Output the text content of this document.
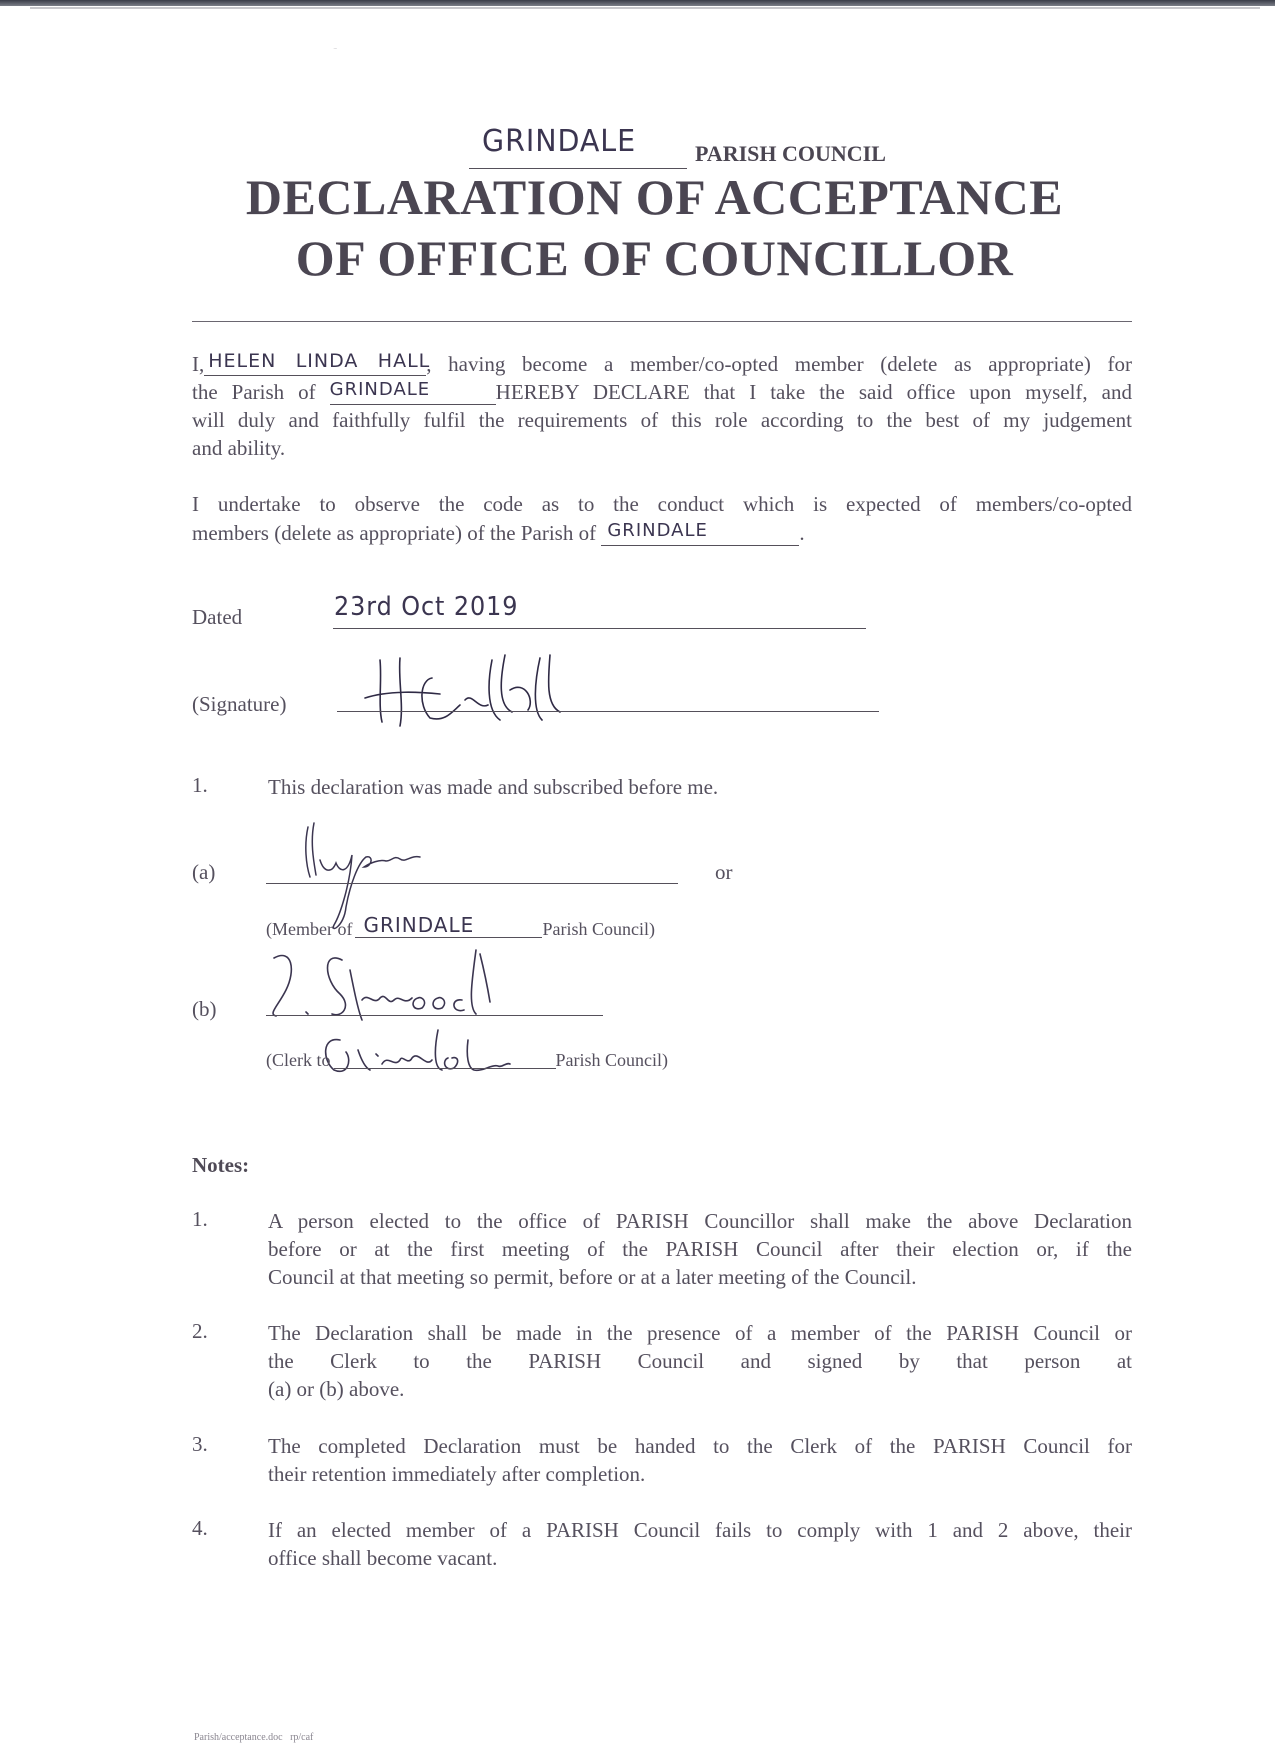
GRINDALE	PARISH COUNCIL
DECLARATION OF ACCEPTANCE
OF OFFICE OF COUNCILLOR
I, HELEN LINDA HALL
, having become a member/co-opted member (delete as appropriate) for
the Parish of GRINDALE	HEREBY DECLARE that I take the said office upon myself, and
will duly and faithfully fulfil the requirements of this role according to the best of my judgement
and ability.
I undertake to observe the code as to the conduct which is expected of members/co-opted
members (delete as appropriate) of the Parish of GRINDALE	.
Dated	23rd Oct 2019
(Signature)
1.	This declaration was made and subscribed before me.
(a)	or
(Member of GRINDALE	Parish Council)
(b)
(Clerk to
Grindale
Parish Council)
Notes:
1.	A person elected to the office of PARISH Councillor shall make the above Declaration
before or at the first meeting of the PARISH Council after their election or, if the
Council at that meeting so permit, before or at a later meeting of the Council.
2.	The Declaration shall be made in the presence of a member of the PARISH Council or
the Clerk to the PARISH Council and signed by that person at
(a) or (b) above.
3.	The completed Declaration must be handed to the Clerk of the PARISH Council for
their retention immediately after completion.
4.	If an elected member of a PARISH Council fails to comply with 1 and 2 above, their
office shall become vacant.
Parish/acceptance.doc   rp/caf
